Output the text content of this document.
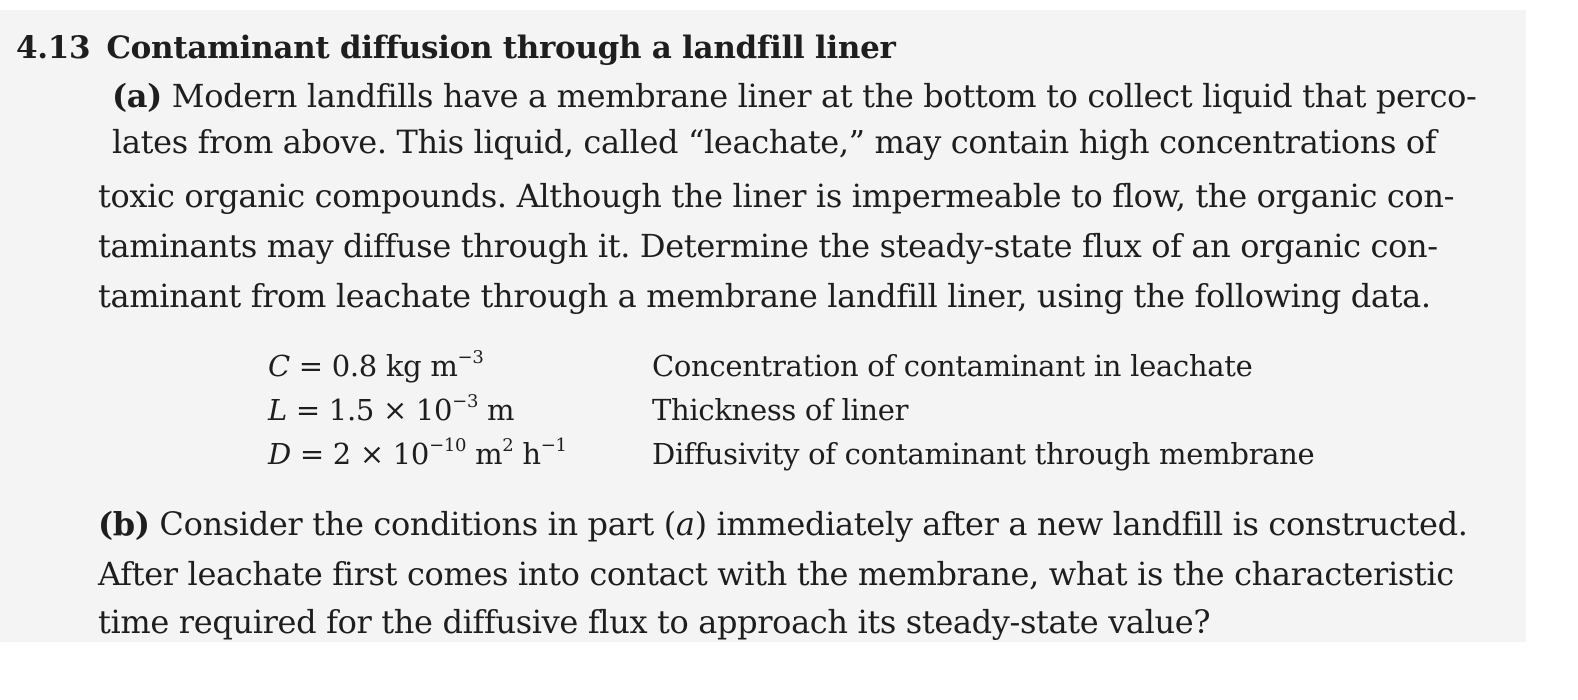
4.13 Contaminant diffusion through a landfill liner
(a) Modern landfills have a membrane liner at the bottom to collect liquid that perco-
lates from above. This liquid, called “leachate,” may contain high concentrations of
toxic organic compounds. Although the liner is impermeable to flow, the organic con-
taminants may diffuse through it. Determine the steady-state flux of an organic con-
taminant from leachate through a membrane landfill liner, using the following data.
C = 0.8 kg $m^{-3}$	Concentration of contaminant in leachate
$L = 1.5 \times 10^{-3}$ m	Thickness of liner
$D = 2 \times 10^{-10}$ $m^2$ $h^{-1}$	Diffusivity of contaminant through membrane
(b) Consider the conditions in part (a) immediately after a new landfill is constructed.
After leachate first comes into contact with the membrane, what is the characteristic
time required for the diffusive flux to approach its steady-state value?
